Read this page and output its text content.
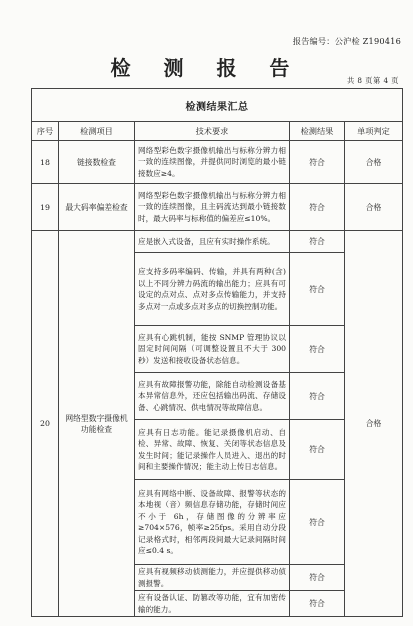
报告编号：公沪检 Z190416
检 测 报 告
共 8 页第 4 页
检测结果汇总				
序号	检测项目	技术要求	检测结果	单项判定
18	链接数检查	网络型彩色数字摄像机输出与标称分辨力相一致的连续图像，并提供同时浏览的最小链接数应≥4。	符合	合格
19	最大码率偏差检查	网络型彩色数字摄像机输出与标称分辨力相一致的连续图像，且主码流达到最小链接数时，最大码率与标称值的偏差应≤10%。	符合	合格
20	网络型数字摄像机功能检查	应是嵌入式设备，且应有实时操作系统。	符合	合格
		应支持多码率编码、传输，并具有两种(含)以上不同分辨力码流的输出能力；应具有可设定的点对点、点对多点传输能力，并支持多点对一点或多点对多点的切换控制功能。	符合	
		应具有心跳机制，能按 SNMP 管理协议以固定时间间隔（可调整设置且不大于 300 秒）发送和接收设备状态信息。	符合	
		应具有故障报警功能，除能自动检测设备基本异常信息外，还应包括输出码流、存储设备、心跳情况、供电情况等故障信息。	符合	
		应具有日志功能。能记录摄像机启动、自检、异常、故障、恢复、关闭等状态信息及发生时间；能记录操作人员进入、退出的时间和主要操作情况；能主动上传日志信息。	符合	
		应具有网络中断、设备故障、报警等状态的本地视（音）频信息存储功能，存储时间应不小于 6h，存储图像的分辨率应≥704×576，帧率≥25fps。采用自动分段记录格式时，相邻两段间最大记录间隔时间应≤0.4 s。	符合	
		应具有视频移动侦测能力，并应提供移动侦测报警。	符合	
		应有设备认证、防篡改等功能，宜有加密传输的能力。	符合	
